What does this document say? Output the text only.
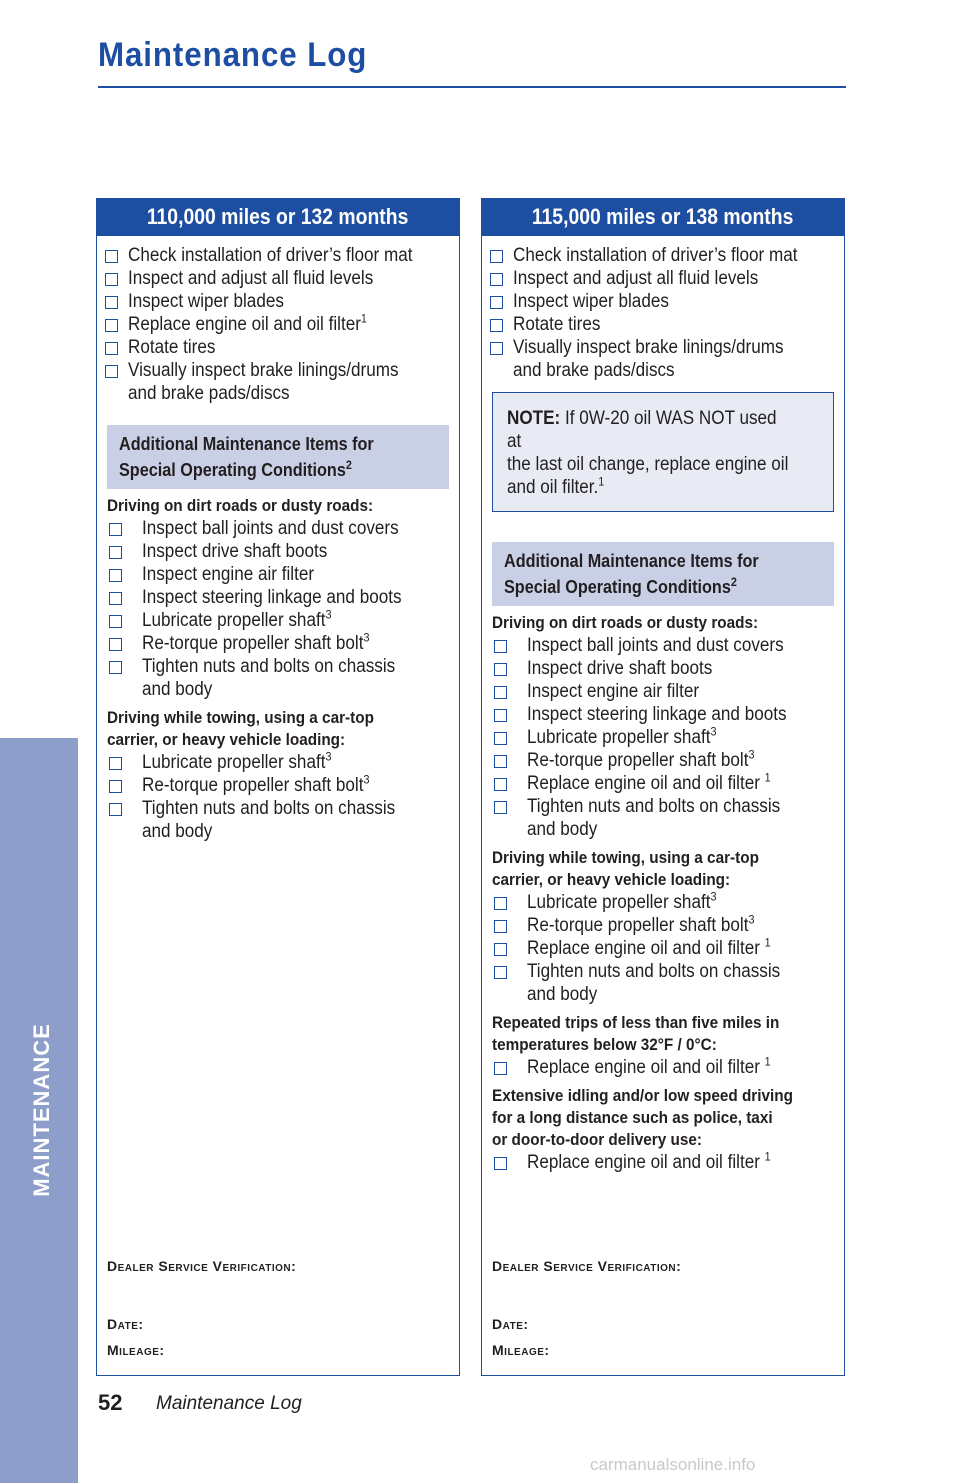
Maintenance Log
MAINTENANCE
110,000 miles or 132 months
Check installation of driver’s floor mat
Inspect and adjust all fluid levels
Inspect wiper blades
Replace engine oil and oil filter$^1$
Rotate tires
Visually inspect brake linings/drums
and brake pads/discs
Additional Maintenance Items for
Special Operating Conditions$^2$
Driving on dirt roads or dusty roads:
Inspect ball joints and dust covers
Inspect drive shaft boots
Inspect engine air filter
Inspect steering linkage and boots
Lubricate propeller shaft$^3$
Re-torque propeller shaft bolt$^3$
Tighten nuts and bolts on chassis
and body
Driving while towing, using a car-top
carrier, or heavy vehicle loading:
Lubricate propeller shaft$^3$
Re-torque propeller shaft bolt$^3$
Tighten nuts and bolts on chassis
and body
Dealer Service Verification:
Date:
Mileage:
115,000 miles or 138 months
Check installation of driver’s floor mat
Inspect and adjust all fluid levels
Inspect wiper blades
Rotate tires
Visually inspect brake linings/drums
and brake pads/discs
NOTE: If 0W-20 oil WAS NOT used at
the last oil change, replace engine oil
and oil filter.$^1$
Additional Maintenance Items for
Special Operating Conditions$^2$
Driving on dirt roads or dusty roads:
Inspect ball joints and dust covers
Inspect drive shaft boots
Inspect engine air filter
Inspect steering linkage and boots
Lubricate propeller shaft$^3$
Re-torque propeller shaft bolt$^3$
Replace engine oil and oil filter $^1$
Tighten nuts and bolts on chassis
and body
Driving while towing, using a car-top
carrier, or heavy vehicle loading:
Lubricate propeller shaft$^3$
Re-torque propeller shaft bolt$^3$
Replace engine oil and oil filter $^1$
Tighten nuts and bolts on chassis
and body
Repeated trips of less than five miles in
temperatures below 32°F / 0°C:
Replace engine oil and oil filter $^1$
Extensive idling and/or low speed driving
for a long distance such as police, taxi
or door-to-door delivery use:
Replace engine oil and oil filter $^1$
Dealer Service Verification:
Date:
Mileage:
52 Maintenance Log
carmanualsonline.info
